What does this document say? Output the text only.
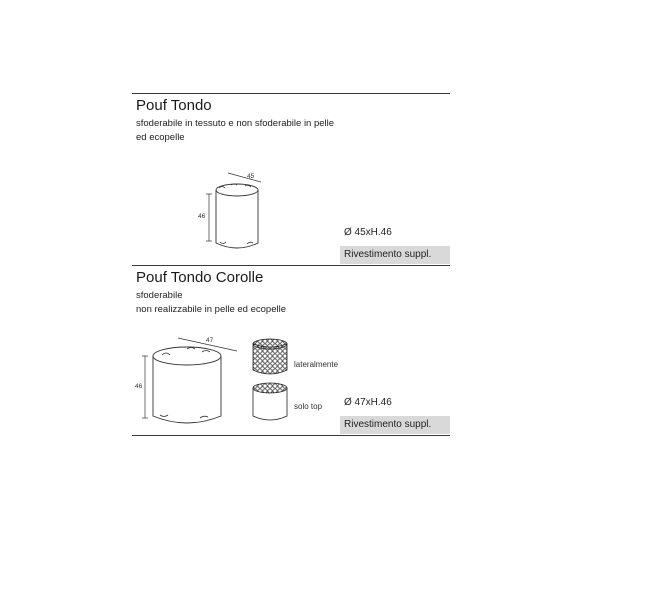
Pouf Tondo
sfoderabile in tessuto e non sfoderabile in pelle
ed ecopelle
45
46
Ø 45xH.46
Rivestimento suppl.
Pouf Tondo Corolle
sfoderabile
non realizzabile in pelle ed ecopelle
47
46
lateralmente
solo top Ø 47xH.46
Rivestimento suppl.
